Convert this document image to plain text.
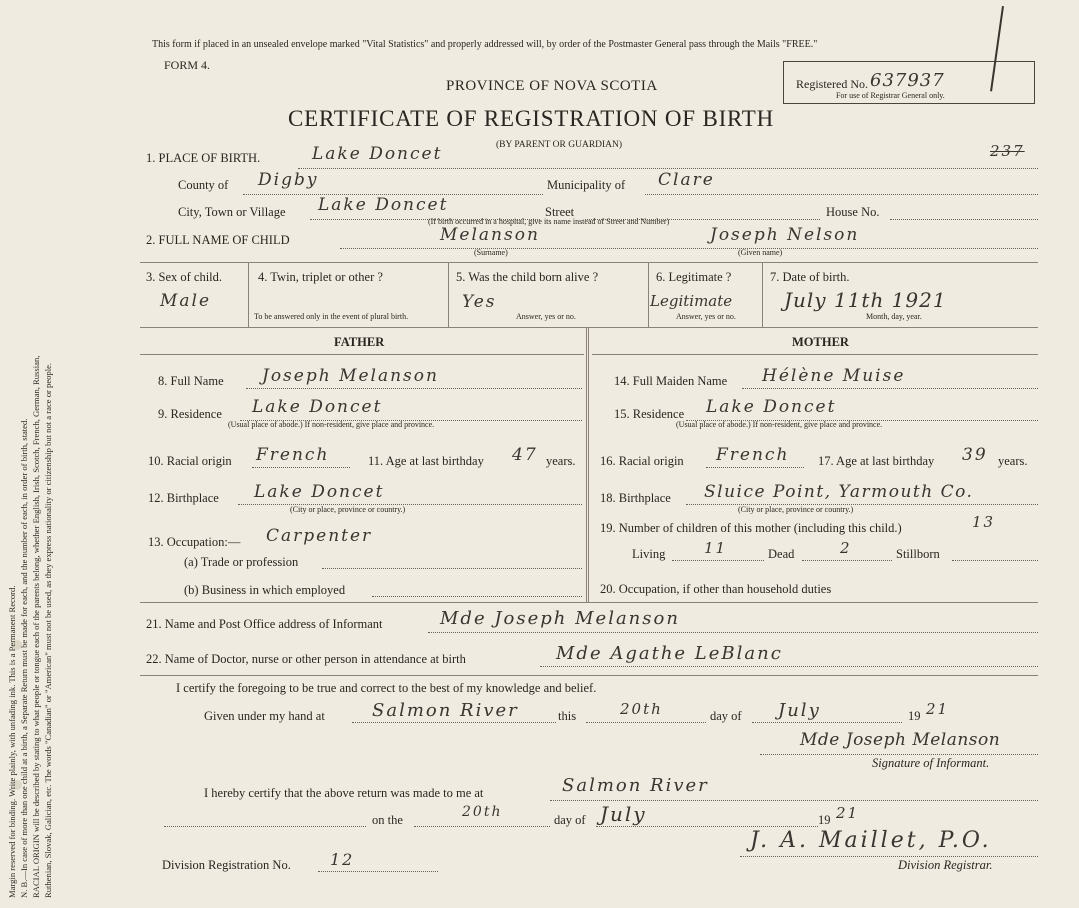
Margin reserved for binding. Write plainly, with unfading ink. This is a Permanent Record. N. B.—In case of more than one child at a birth, a Separate Return must be made for each, and the number of each, in order of birth, stated. RACIAL ORIGIN will be described by stating to what people or tongue each of the parents belong, whether English, Irish, Scotch, French, German, Russian, Ruthenian, Slovak, Galician, etc. The words "Canadian" or "American" must not be used, as they express nationality or citizenship but not a race or people.
This form if placed in an unsealed envelope marked "Vital Statistics" and properly addressed will, by order of the Postmaster General pass through the Mails "FREE."
FORM 4.
PROVINCE OF NOVA SCOTIA
CERTIFICATE OF REGISTRATION OF BIRTH
(BY PARENT OR GUARDIAN)
Registered No. 637937
For use of Registrar General only.
237
1. PLACE OF BIRTH.	Lake Doncet
County of Digby	Municipality of Clare
City, Town or Village Lake Doncet	Street	House No.
(If birth occurred in a hospital, give its name instead of Street and Number)
2. FULL NAME OF CHILD	Melanson	Joseph Nelson
(Surname)	(Given name)
3. Sex of child.
Male
4. Twin, triplet or other ?
To be answered only in the event of plural birth.
5. Was the child born alive ?
Yes
Answer, yes or no.
6. Legitimate ?
Legitimate
Answer, yes or no.
7. Date of birth.
July 11th 1921
Month, day, year.
FATHER	MOTHER
8. Full Name Joseph Melanson
9. Residence Lake Doncet
(Usual place of abode.) If non-resident, give place and province.
10. Racial origin French	11. Age at last birthday 47 years.
12. Birthplace Lake Doncet
(City or place, province or country.)
13. Occupation:— Carpenter
(a) Trade or profession
(b) Business in which employed
14. Full Maiden Name Hélène Muise
15. Residence Lake Doncet
(Usual place of abode.) If non-resident, give place and province.
16. Racial origin French 17. Age at last birthday 39 years.
18. Birthplace Sluice Point, Yarmouth Co.
(City or place, province or country.)
19. Number of children of this mother (including this child.)	13
Living	11	Dead	2	Stillborn
20. Occupation, if other than household duties
21. Name and Post Office address of Informant	Mde Joseph Melanson
22. Name of Doctor, nurse or other person in attendance at birth	Mde Agathe LeBlanc
I certify the foregoing to be true and correct to the best of my knowledge and belief.
Given under my hand at	Salmon River	this	20th	day of July	19 21
Mde Joseph Melanson
Signature of Informant.
I hereby certify that the above return was made to me at	Salmon River
on the	20th	day of July	19 21
Division Registration No. 12
J. A. Maillet, P.O.
Division Registrar.
